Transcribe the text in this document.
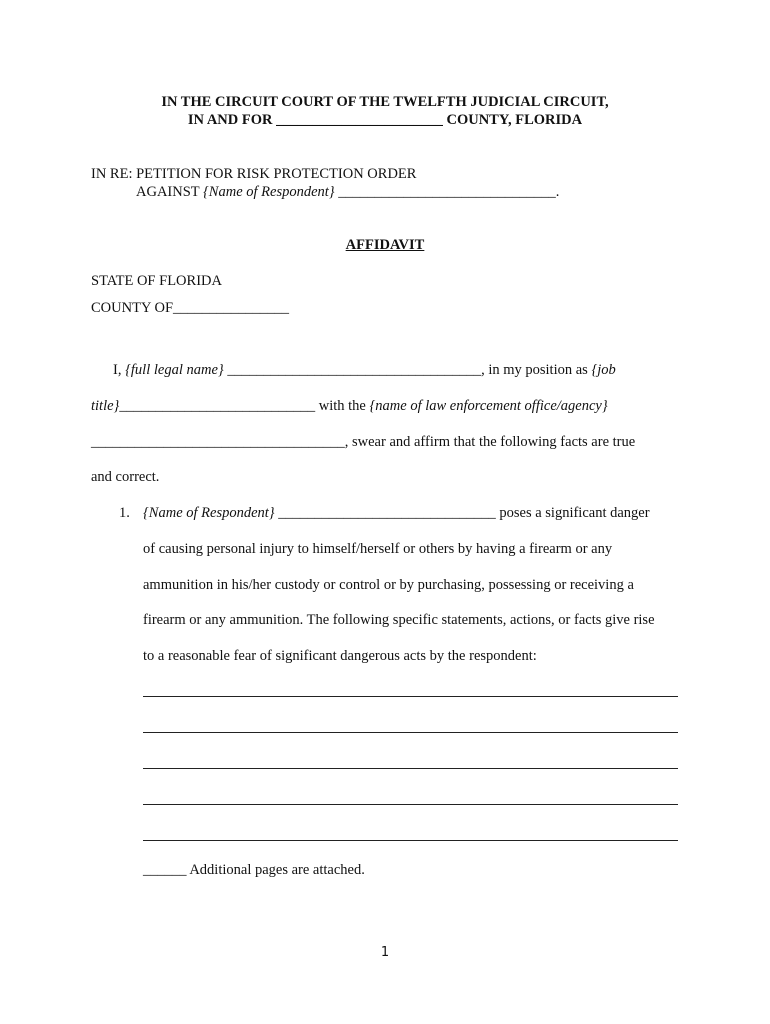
IN THE CIRCUIT COURT OF THE TWELFTH JUDICIAL CIRCUIT,
IN AND FOR _______________________ COUNTY, FLORIDA
IN RE: PETITION FOR RISK PROTECTION ORDER
AGAINST {Name of Respondent} ______________________________.
AFFIDAVIT
STATE OF FLORIDA
COUNTY OF________________
I, {full legal name} ___________________________________, in my position as {job
title}___________________________ with the {name of law enforcement office/agency}
___________________________________, swear and affirm that the following facts are true
and correct.
1. {Name of Respondent} ______________________________ poses a significant danger
of causing personal injury to himself/herself or others by having a firearm or any
ammunition in his/her custody or control or by purchasing, possessing or receiving a
firearm or any ammunition. The following specific statements, actions, or facts give rise
to a reasonable fear of significant dangerous acts by the respondent:
______ Additional pages are attached.
1
